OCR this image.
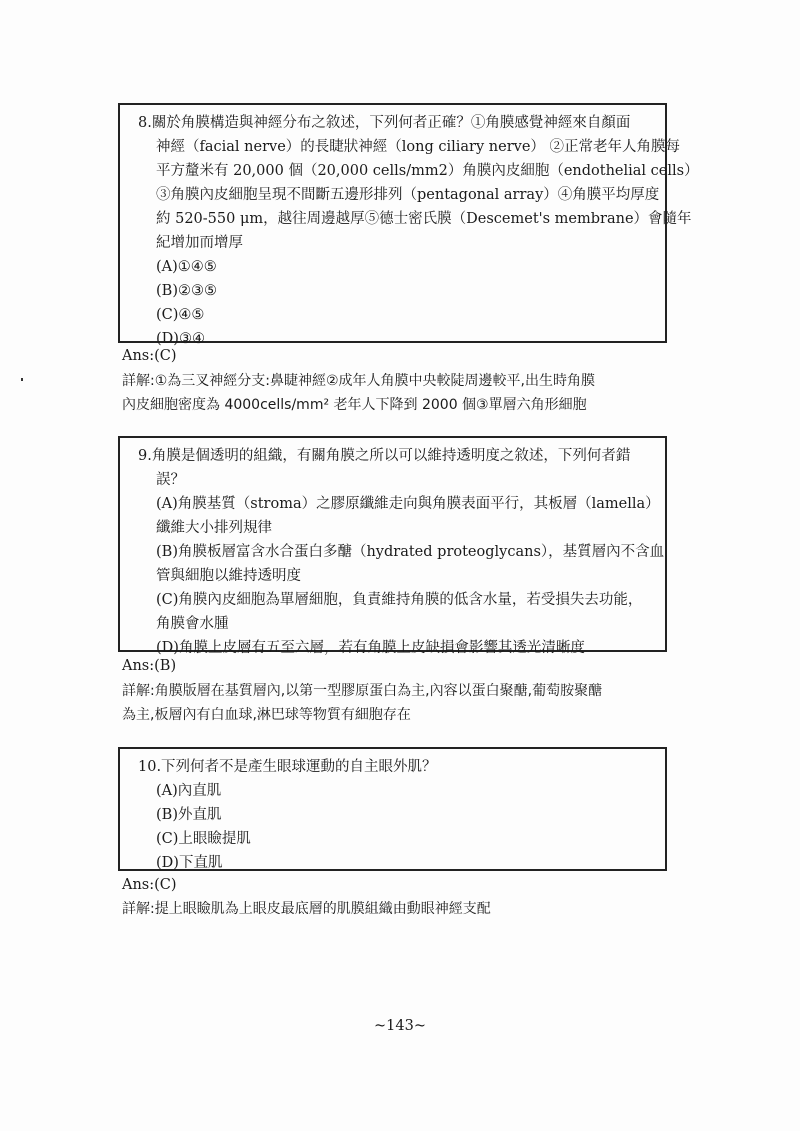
8.關於角膜構造與神經分布之敘述，下列何者正確？①角膜感覺神經來自顏面
神經（facial nerve）的長睫狀神經（long ciliary nerve） ②正常老年人角膜每
平方釐米有 20,000 個（20,000 cells/mm2）角膜內皮細胞（endothelial cells）
③角膜內皮細胞呈現不間斷五邊形排列（pentagonal array）④角膜平均厚度
約 520-550 μm，越往周邊越厚⑤德士密氏膜（Descemet's membrane）會隨年
紀增加而增厚
(A)①④⑤
(B)②③⑤
(C)④⑤
(D)③④
Ans:(C)
詳解:①為三叉神經分支:鼻睫神經②成年人角膜中央較陡周邊較平,出生時角膜
內皮細胞密度為 4000cells/mm² 老年人下降到 2000 個③單層六角形細胞
9.角膜是個透明的組織，有關角膜之所以可以維持透明度之敘述，下列何者錯
誤？
(A)角膜基質（stroma）之膠原纖維走向與角膜表面平行，其板層（lamella）
纖維大小排列規律
(B)角膜板層富含水合蛋白多醣（hydrated proteoglycans），基質層內不含血
管與細胞以維持透明度
(C)角膜內皮細胞為單層細胞，負責維持角膜的低含水量，若受損失去功能，
角膜會水腫
(D)角膜上皮層有五至六層，若有角膜上皮缺損會影響其透光清晰度
Ans:(B)
詳解:角膜版層在基質層內,以第一型膠原蛋白為主,內容以蛋白聚醣,葡萄胺聚醣
為主,板層內有白血球,淋巴球等物質有細胞存在
10.下列何者不是產生眼球運動的自主眼外肌？
(A)內直肌
(B)外直肌
(C)上眼瞼提肌
(D)下直肌
Ans:(C)
詳解:提上眼瞼肌為上眼皮最底層的肌膜組織由動眼神經支配
~143~
